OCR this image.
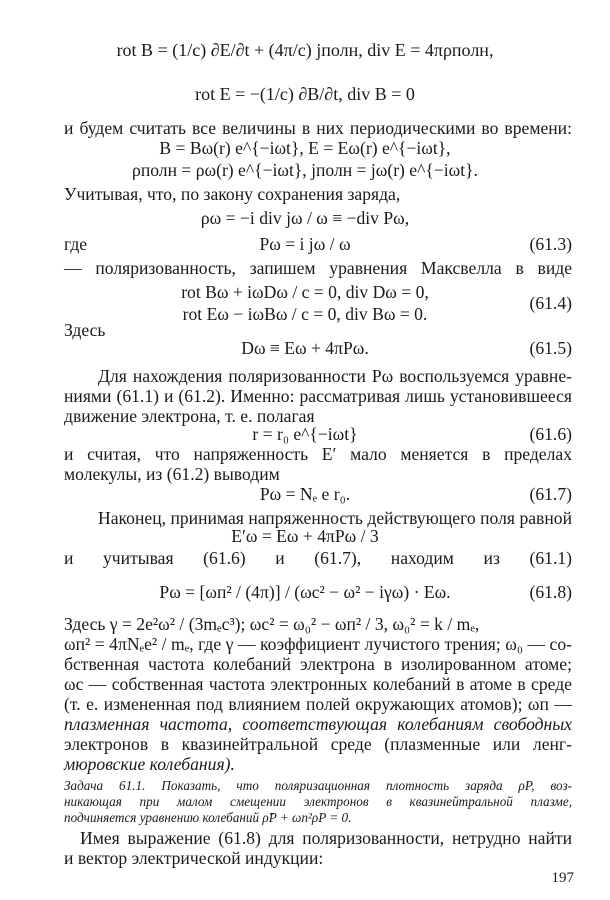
rot B = (1/c) ∂E/∂t + (4π/c) jполн, div E = 4πρполн,
rot E = −(1/c) ∂B/∂t, div B = 0
и будем считать все величины в них периодическими во времени:
B = Bω(r) e^{−iωt}, E = Eω(r) e^{−iωt},
ρполн = ρω(r) e^{−iωt}, jполн = jω(r) e^{−iωt}.
Учитывая, что, по закону сохранения заряда,
ρω = −i div jω / ω ≡ −div Pω,
где	Pω = i jω / ω	(61.3)
— поляризованность, запишем уравнения Максвелла в виде
rot Bω + iωDω / c = 0, div Dω = 0,
(61.4)
rot Eω − iωBω / c = 0, div Bω = 0.
Здесь
Dω ≡ Eω + 4πPω.	(61.5)
Для нахождения поляризованности Pω воспользуемся уравне-
ниями (61.1) и (61.2). Именно: рассматривая лишь установившееся
движение электрона, т. е. полагая
r = r₀ e^{−iωt}	(61.6)
и считая, что напряженность E′ мало меняется в пределах
молекулы, из (61.2) выводим
Pω = Nₑ e r₀.	(61.7)
Наконец, принимая напряженность действующего поля равной
E′ω = Eω + 4πPω / 3
и учитывая (61.6) и (61.7), находим из (61.1)
Pω = [ωп² / (4π)] / (ωс² − ω² − iγω) · Eω.	(61.8)
Здесь γ = 2e²ω² / (3mₑc³); ωс² = ω₀² − ωп² / 3, ω₀² = k / mₑ,
ωп² = 4πNₑe² / mₑ, где γ — коэффициент лучистого трения; ω₀ — со-
бственная частота колебаний электрона в изолированном атоме;
ωс — собственная частота электронных колебаний в атоме в среде
(т. е. измененная под влиянием полей окружающих атомов); ωп —
плазменная частота, соответствующая колебаниям свободных
электронов в квазинейтральной среде (плазменные или ленг-
мюровские колебания).
Задача 61.1. Показать, что поляризационная плотность заряда ρP, воз-
никающая при малом смещении электронов в квазинейтральной плазме,
подчиняется уравнению колебаний ρ̈P + ωп²ρP = 0.
Имея выражение (61.8) для поляризованности, нетрудно найти
и вектор электрической индукции:
197
